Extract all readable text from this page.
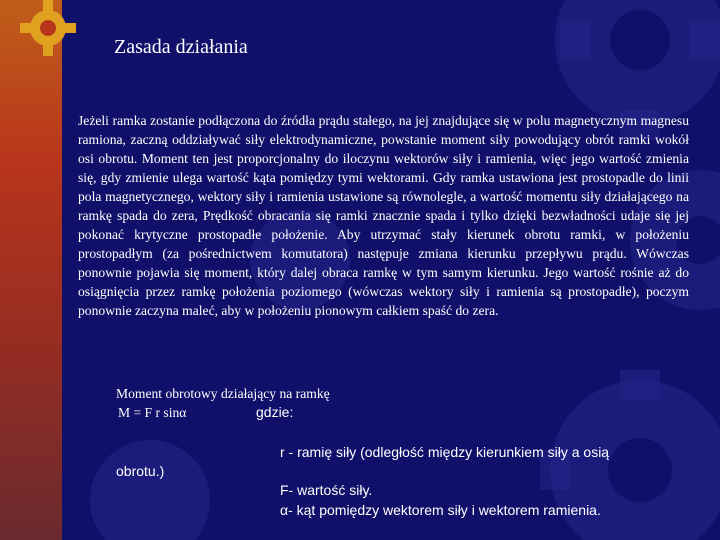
Zasada działania

Jeżeli ramka zostanie podłączona do źródła prądu stałego, na jej znajdujące się w polu magnetycznym magnesu ramiona, zaczną oddziaływać siły elektrodynamiczne, powstanie moment siły powodujący obrót ramki wokół osi obrotu. Moment ten jest proporcjonalny do iloczynu wektorów siły i ramienia, więc jego wartość zmienia się, gdy zmienie ulega wartość kąta pomiędzy tymi wektorami. Gdy ramka ustawiona jest prostopadle do linii pola magnetycznego, wektory siły i ramienia ustawione są równolegle, a wartość momentu siły działającego na ramkę spada do zera, Prędkość obracania się ramki znacznie spada i tylko dzięki bezwładności udaje się jej pokonać krytyczne prostopadłe położenie. Aby utrzymać stały kierunek obrotu ramki, w położeniu prostopadłym (za pośrednictwem komutatora) następuje zmiana kierunku przepływu prądu. Wówczas ponownie pojawia się moment, który dalej obraca ramkę w tym samym kierunku. Jego wartość rośnie aż do osiągnięcia przez ramkę położenia poziomego (wówczas wektory siły i ramienia są prostopadłe), poczym ponownie zaczyna maleć, aby w położeniu pionowym całkiem spaść do zera.

Moment obrotowy działający na ramkę
M = F r sinα	gdzie:
r - ramię siły (odległość między kierunkiem siły a osią
obrotu.)
F- wartość siły.
α- kąt pomiędzy wektorem siły i wektorem ramienia.
